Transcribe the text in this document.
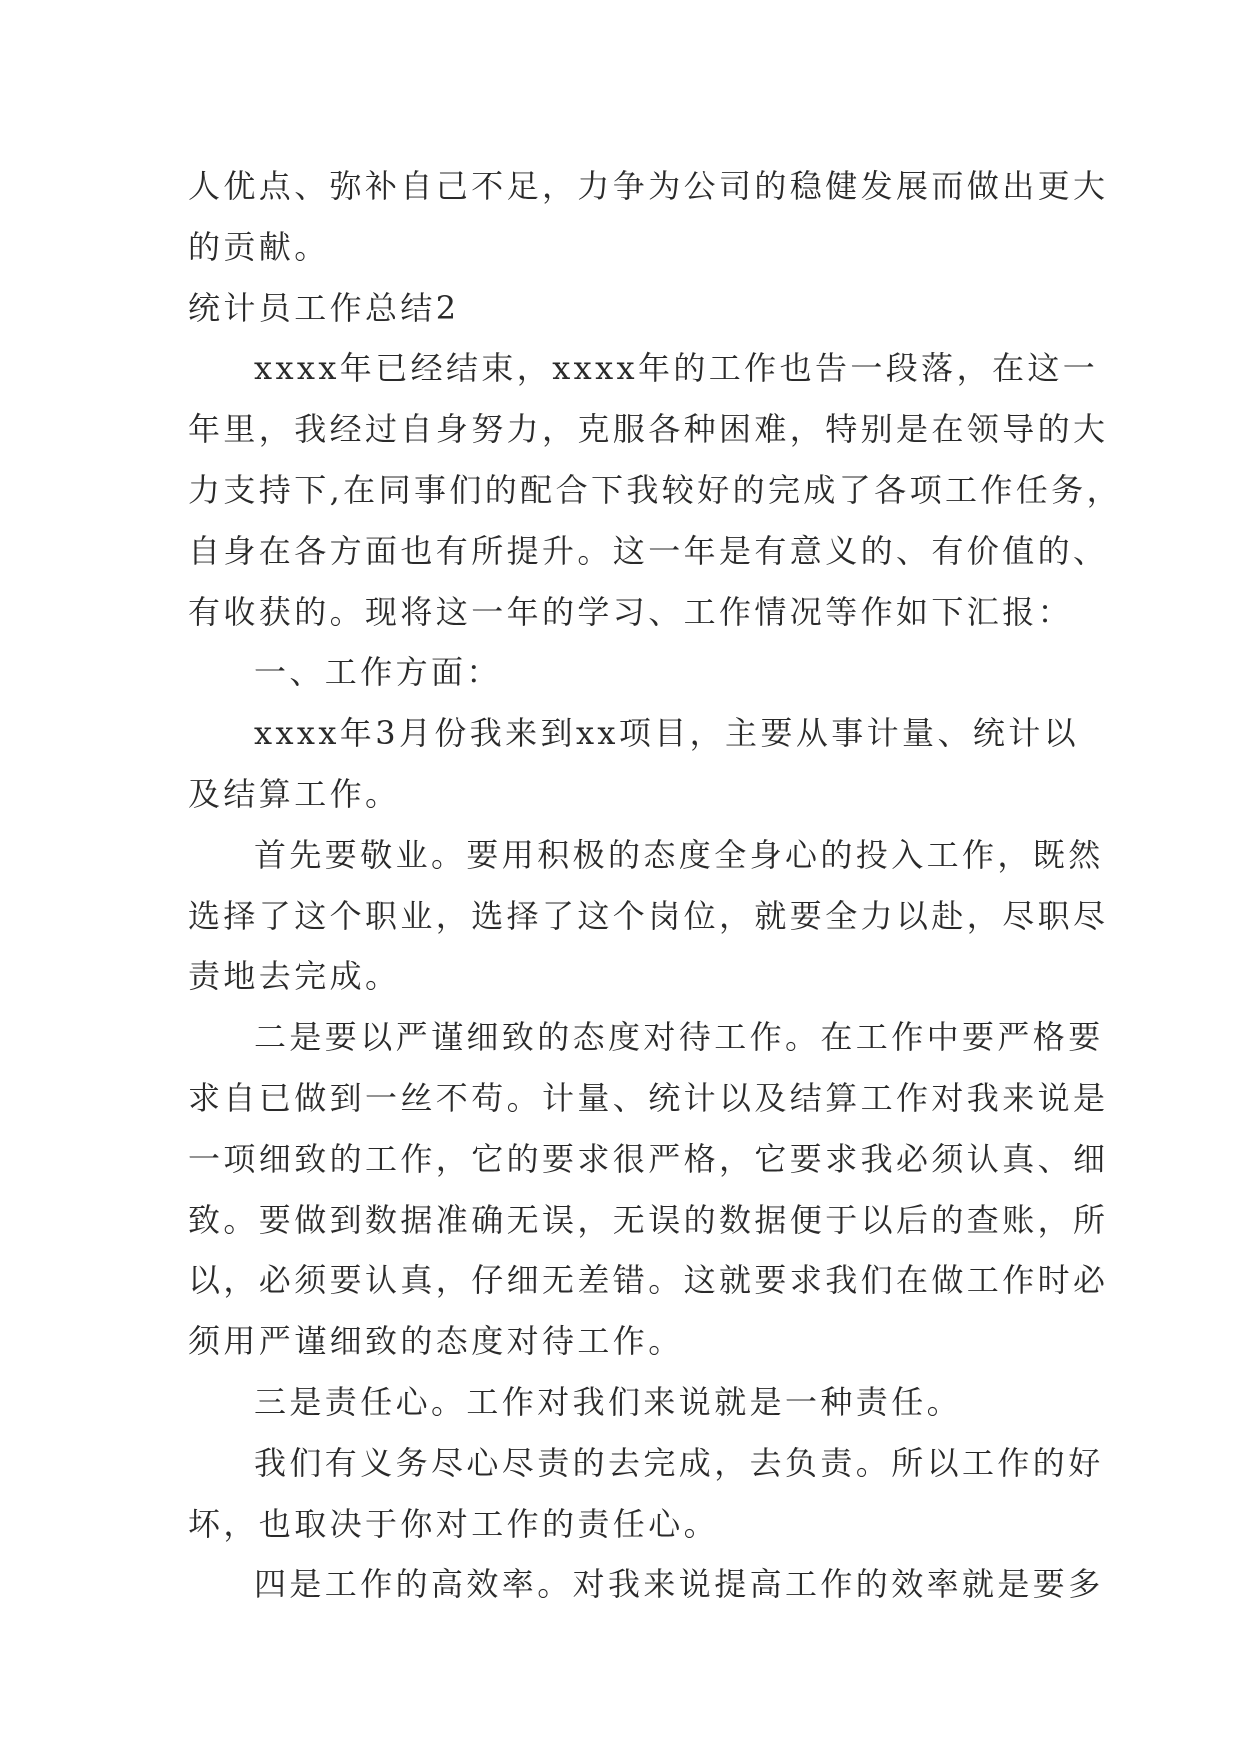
人优点、弥补自己不足，力争为公司的稳健发展而做出更大
的贡献。

统计员工作总结2

xxxx年已经结束，xxxx年的工作也告一段落，在这一
年里，我经过自身努力，克服各种困难，特别是在领导的大
力支持下,在同事们的配合下我较好的完成了各项工作任务，
自身在各方面也有所提升。这一年是有意义的、有价值的、
有收获的。现将这一年的学习、工作情况等作如下汇报：

一、工作方面：

xxxx年3月份我来到xx项目，主要从事计量、统计以
及结算工作。

首先要敬业。要用积极的态度全身心的投入工作，既然
选择了这个职业，选择了这个岗位，就要全力以赴，尽职尽
责地去完成。

二是要以严谨细致的态度对待工作。在工作中要严格要
求自已做到一丝不苟。计量、统计以及结算工作对我来说是
一项细致的工作，它的要求很严格，它要求我必须认真、细
致。要做到数据准确无误，无误的数据便于以后的查账，所
以，必须要认真，仔细无差错。这就要求我们在做工作时必
须用严谨细致的态度对待工作。

三是责任心。工作对我们来说就是一种责任。

我们有义务尽心尽责的去完成，去负责。所以工作的好
坏，也取决于你对工作的责任心。

四是工作的高效率。对我来说提高工作的效率就是要多
